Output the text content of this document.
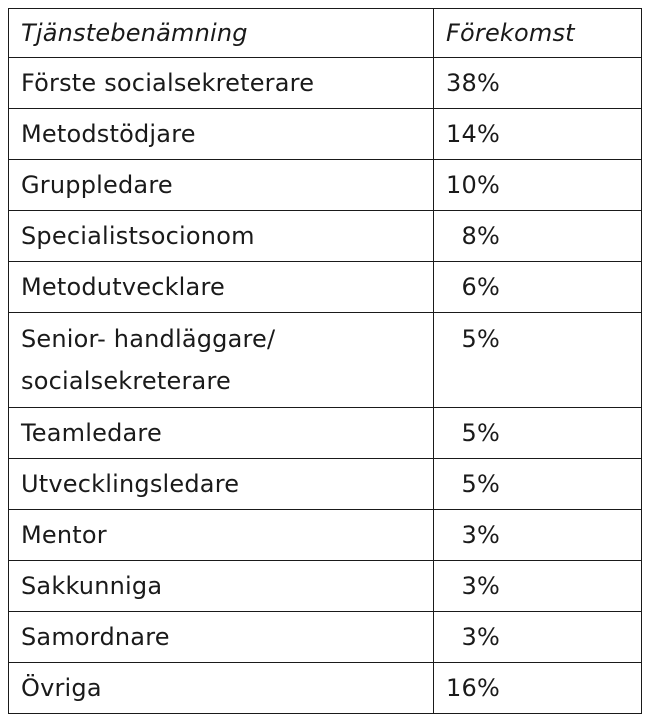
Tjänstebenämning	Förekomst
Förste socialsekreterare	38%
Metodstödjare	14%
Gruppledare	10%
Specialistsocionom	8%
Metodutvecklare	6%
Senior- handläggare/ socialsekreterare	5%
Teamledare	5%
Utvecklingsledare	5%
Mentor	3%
Sakkunniga	3%
Samordnare	3%
Övriga	16%
